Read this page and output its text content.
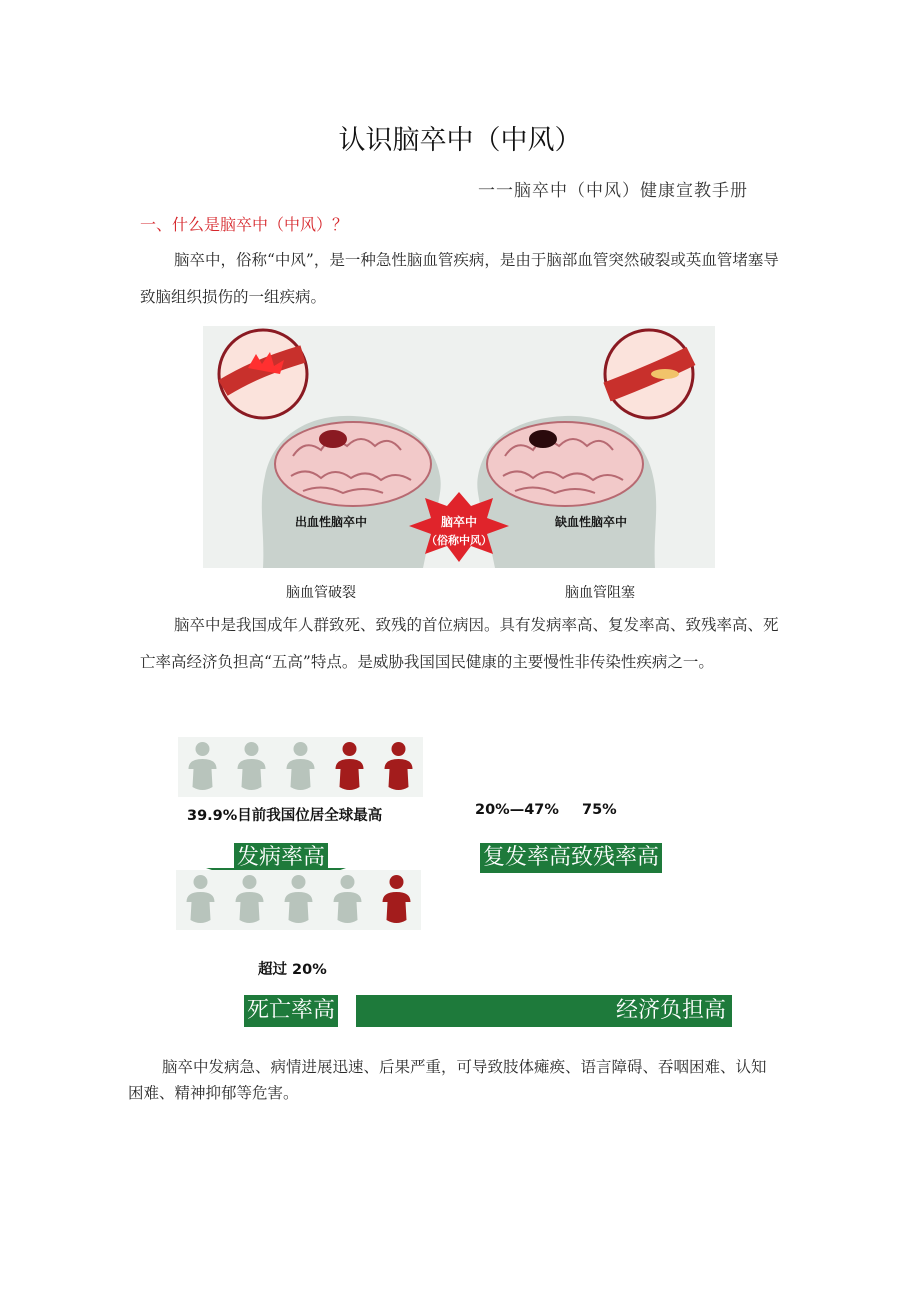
认识脑卒中（中风）
一一脑卒中（中风）健康宣教手册
一、什么是脑卒中（中风）？
脑卒中，俗称“中风”，是一种急性脑血管疾病，是由于脑部血管突然破裂或英血管堵塞导致脑组织损伤的一组疾病。
出血性脑卒中	缺血性脑卒中
脑卒中
（俗称中风）
脑血管破裂	脑血管阻塞
脑卒中是我国成年人群致死、致残的首位病因。具有发病率高、复发率高、致残率高、死亡率高经济负担高“五高”特点。是威胁我国国民健康的主要慢性非传染性疾病之一。
39.9%目前我国位居全球最高	20%—47% 75%
发病率高	复发率高致残率高
超过 20%
死亡率高	经济负担高
脑卒中发病急、病情进展迅速、后果严重，可导致肢体瘫痪、语言障碍、吞咽困难、认知困难、精神抑郁等危害。
